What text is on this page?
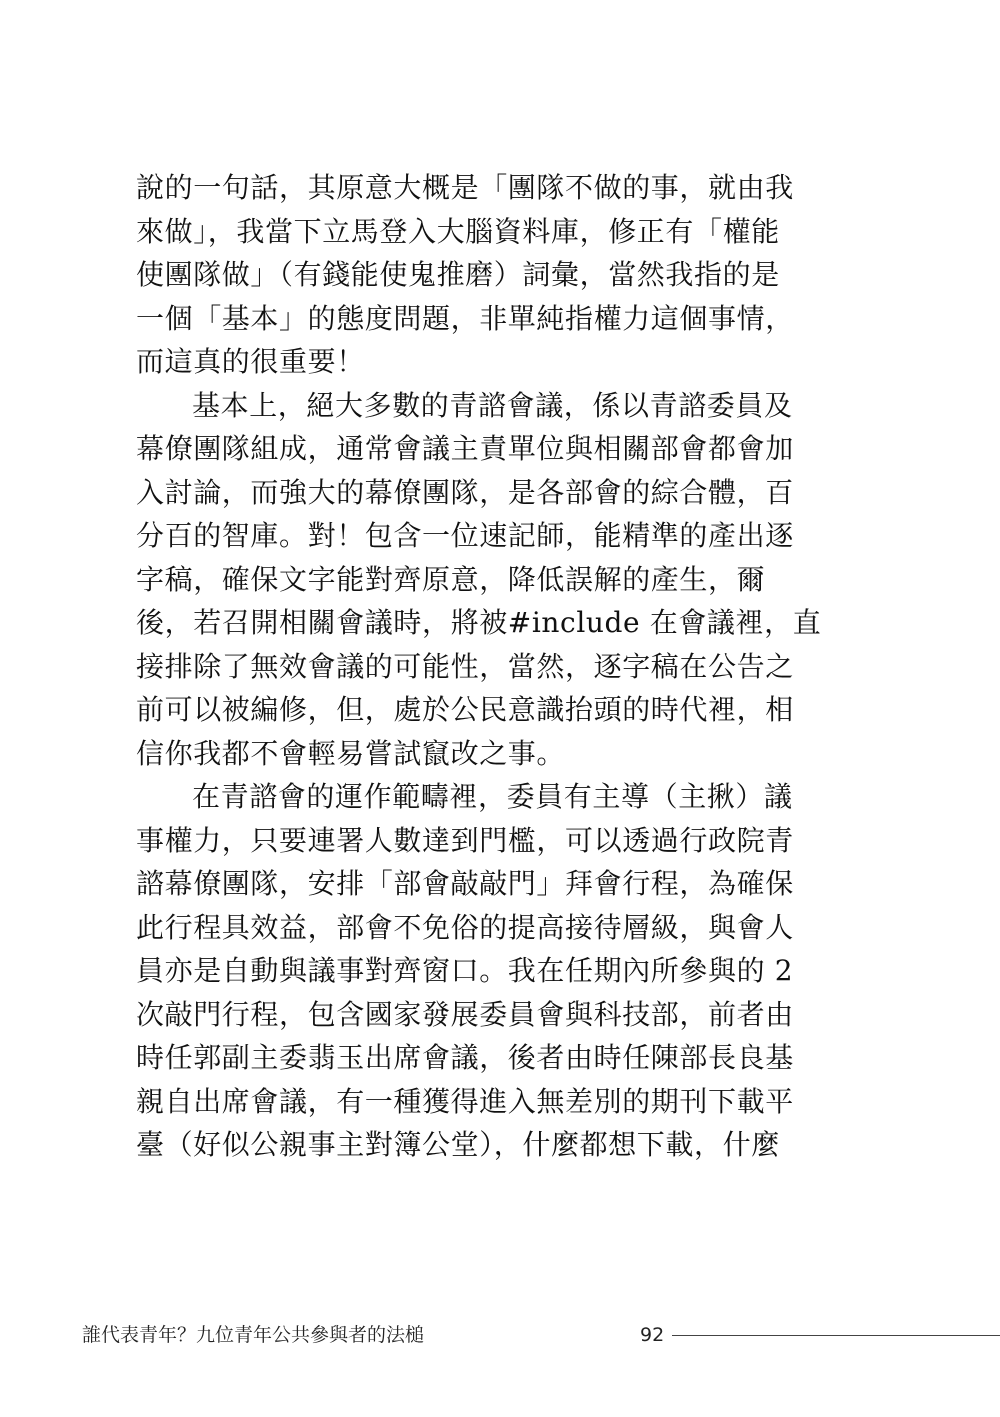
說的一句話，其原意大概是「團隊不做的事，就由我
來做」，我當下立馬登入大腦資料庫，修正有「權能
使團隊做」（有錢能使鬼推磨）詞彙，當然我指的是
一個「基本」的態度問題，非單純指權力這個事情，
而這真的很重要！
基本上，絕大多數的青諮會議，係以青諮委員及
幕僚團隊組成，通常會議主責單位與相關部會都會加
入討論，而強大的幕僚團隊，是各部會的綜合體，百
分百的智庫。對！包含一位速記師，能精準的產出逐
字稿，確保文字能對齊原意，降低誤解的產生，爾
後，若召開相關會議時，將被#include 在會議裡，直
接排除了無效會議的可能性，當然，逐字稿在公告之
前可以被編修，但，處於公民意識抬頭的時代裡，相
信你我都不會輕易嘗試竄改之事。
在青諮會的運作範疇裡，委員有主導（主揪）議
事權力，只要連署人數達到門檻，可以透過行政院青
諮幕僚團隊，安排「部會敲敲門」拜會行程，為確保
此行程具效益，部會不免俗的提高接待層級，與會人
員亦是自動與議事對齊窗口。我在任期內所參與的 2
次敲門行程，包含國家發展委員會與科技部，前者由
時任郭副主委翡玉出席會議，後者由時任陳部長良基
親自出席會議，有一種獲得進入無差別的期刊下載平
臺（好似公親事主對簿公堂），什麼都想下載，什麼
誰代表青年？九位青年公共參與者的法槌	92
